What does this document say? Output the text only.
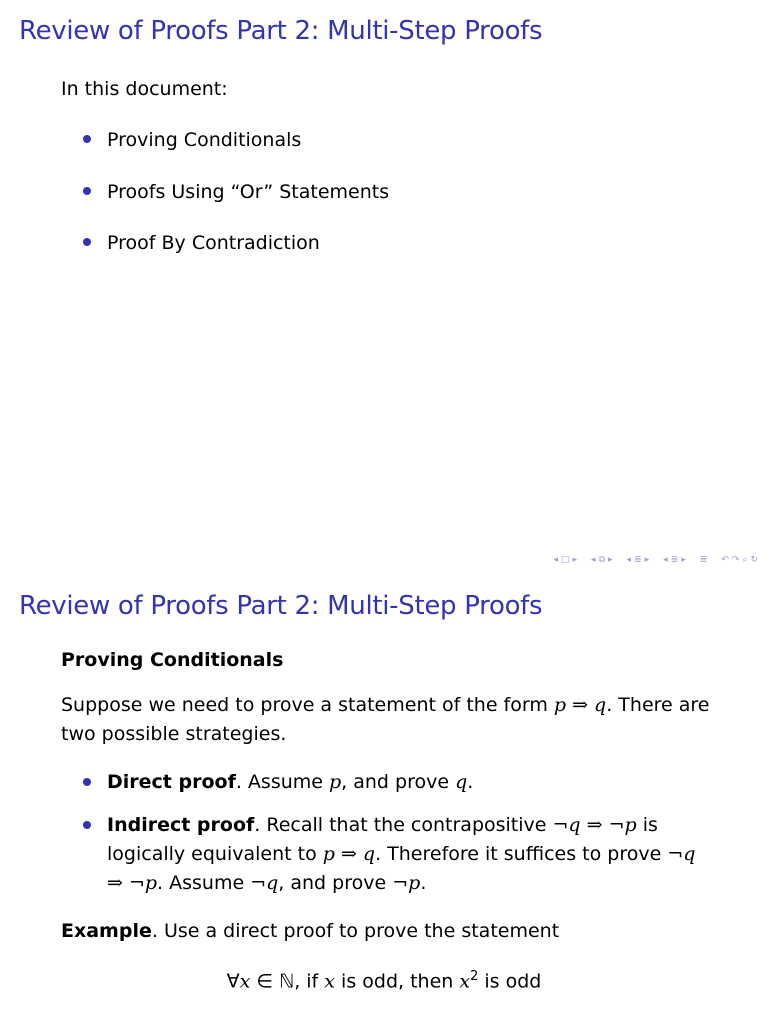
Review of Proofs Part 2: Multi-Step Proofs
In this document:
Proving Conditionals
Proofs Using “Or” Statements
Proof By Contradiction
◂ □ ▸ ◂ ⧉ ▸ ◂ ≣ ▸ ◂ ≣ ▸ ≣ ↶ ↷ ⌕ ↻
Review of Proofs Part 2: Multi-Step Proofs
Proving Conditionals
Suppose we need to prove a statement of the form p ⇒ q. There are two possible strategies.
Direct proof. Assume p, and prove q.
Indirect proof. Recall that the contrapositive ¬q ⇒ ¬p is logically equivalent to p ⇒ q. Therefore it suffices to prove ¬q ⇒ ¬p. Assume ¬q, and prove ¬p.
Example. Use a direct proof to prove the statement
∀x ∈ ℕ, if x is odd, then $x^2$ is odd
